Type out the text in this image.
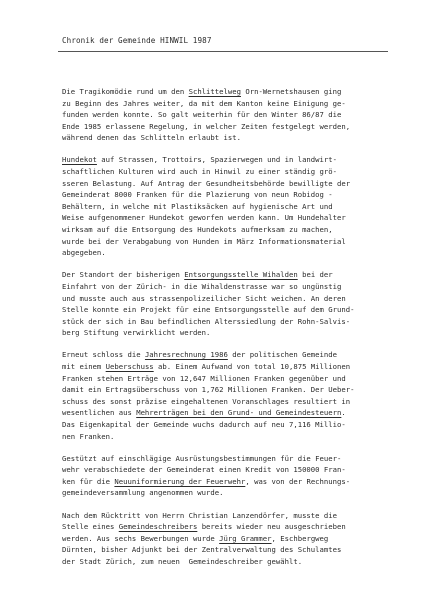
Chronik der Gemeinde HINWIL 1987
Die Tragikomödie rund um den Schlittelweg Orn-Wernetshausen ging
zu Beginn des Jahres weiter, da mit dem Kanton keine Einigung ge-
funden werden konnte. So galt weiterhin für den Winter 86/87 die
Ende 1985 erlassene Regelung, in welcher Zeiten festgelegt werden,
während denen das Schlitteln erlaubt ist.
Hundekot auf Strassen, Trottoirs, Spazierwegen und in landwirt-
schaftlichen Kulturen wird auch in Hinwil zu einer ständig grö-
sseren Belastung. Auf Antrag der Gesundheitsbehörde bewilligte der
Gemeinderat 8000 Franken für die Plazierung von neun Robidog -
Behältern, in welche mit Plastiksäcken auf hygienische Art und
Weise aufgenommener Hundekot geworfen werden kann. Um Hundehalter
wirksam auf die Entsorgung des Hundekots aufmerksam zu machen,
wurde bei der Verabgabung von Hunden im März Informationsmaterial
abgegeben.
Der Standort der bisherigen Entsorgungsstelle Wihalden bei der
Einfahrt von der Zürich- in die Wihaldenstrasse war so ungünstig
und musste auch aus strassenpolizeilicher Sicht weichen. An deren
Stelle konnte ein Projekt für eine Entsorgungsstelle auf dem Grund-
stück der sich in Bau befindlichen Alterssiedlung der Rohn-Salvis-
berg Stiftung verwirklicht werden.
Erneut schloss die Jahresrechnung 1986 der politischen Gemeinde
mit einem Ueberschuss ab. Einem Aufwand von total 10,875 Millionen
Franken stehen Erträge von 12,647 Millionen Franken gegenüber und
damit ein Ertragsüberschuss von 1,762 Millionen Franken. Der Ueber-
schuss des sonst präzise eingehaltenen Voranschlages resultiert in
wesentlichen aus Mehrerträgen bei den Grund- und Gemeindesteuern.
Das Eigenkapital der Gemeinde wuchs dadurch auf neu 7,116 Millio-
nen Franken.
Gestützt auf einschlägige Ausrüstungsbestimmungen für die Feuer-
wehr verabschiedete der Gemeinderat einen Kredit von 150000 Fran-
ken für die Neuuniformierung der Feuerwehr, was von der Rechnungs-
gemeindeversammlung angenommen wurde.
Nach dem Rücktritt von Herrn Christian Lanzendörfer, musste die
Stelle eines Gemeindeschreibers bereits wieder neu ausgeschrieben
werden. Aus sechs Bewerbungen wurde Jürg Grammer, Eschbergweg
Dürnten, bisher Adjunkt bei der Zentralverwaltung des Schulamtes
der Stadt Zürich, zum neuen  Gemeindeschreiber gewählt.
